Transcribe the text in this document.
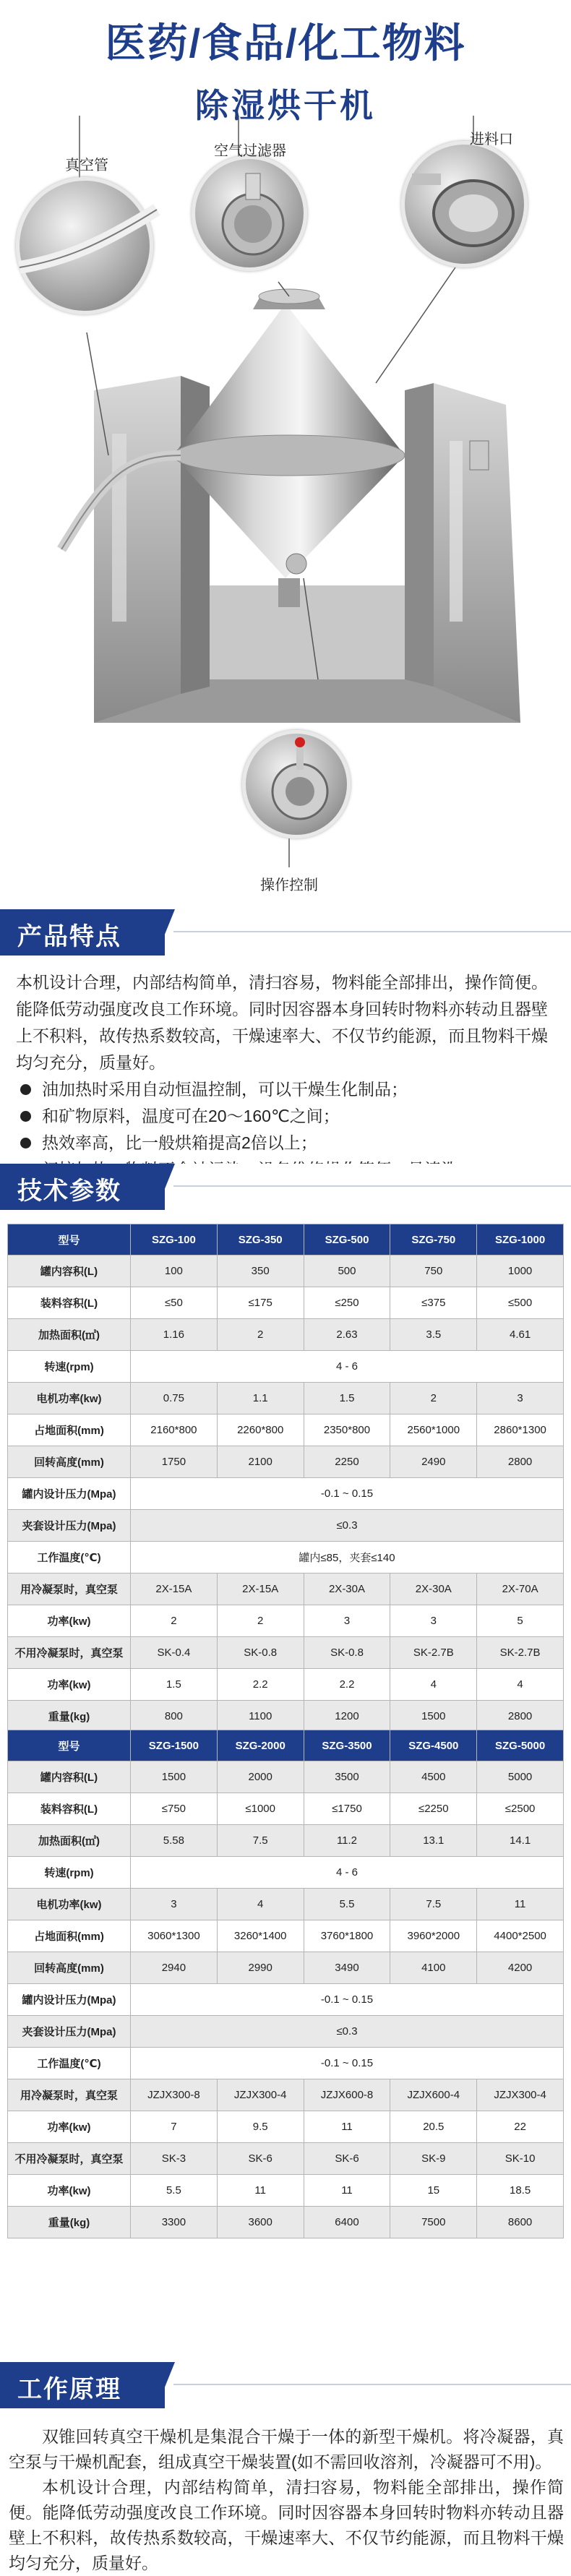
医药/食品/化工物料
除湿烘干机
真空管
空气过滤器
进料口
操作控制
产品特点

本机设计合理，内部结构简单，清扫容易，物料能全部排出，操作简便。能降低劳动强度改良工作环境。同时因容器本身回转时物料亦转动且器壁上不积料，故传热系数较高，干燥速率大、不仅节约能源，而且物料干燥均匀充分，质量好。

油加热时采用自动恒温控制，可以干燥生化制品；
和矿物原料，温度可在20～160℃之间；
热效率高，比一般烘箱提高2倍以上；
技术参数
型号	SZG-100	SZG-350	SZG-500	SZG-750	SZG-1000
罐内容积(L)	100	350	500	750	1000
装料容积(L)	≤50	≤175	≤250	≤375	≤500
加热面积(㎡)	1.16	2	2.63	3.5	4.61
转速(rpm)	4 - 6				
电机功率(kw)	0.75	1.1	1.5	2	3
占地面积(mm)	2160*800	2260*800	2350*800	2560*1000	2860*1300
回转高度(mm)	1750	2100	2250	2490	2800
罐内设计压力(Mpa)	-0.1 ~ 0.15				
夹套设计压力(Mpa)	≤0.3				
工作温度(℃)	罐内≤85，夹套≤140				
用冷凝泵时，真空泵	2X-15A	2X-15A	2X-30A	2X-30A	2X-70A
功率(kw)	2	2	3	3	5
不用冷凝泵时，真空泵	SK-0.4	SK-0.8	SK-0.8	SK-2.7B	SK-2.7B
功率(kw)	1.5	2.2	2.2	4	4
重量(kg)	800	1100	1200	1500	2800
型号	SZG-1500	SZG-2000	SZG-3500	SZG-4500	SZG-5000
罐内容积(L)	1500	2000	3500	4500	5000
装料容积(L)	≤750	≤1000	≤1750	≤2250	≤2500
加热面积(㎡)	5.58	7.5	11.2	13.1	14.1
转速(rpm)	4 - 6				
电机功率(kw)	3	4	5.5	7.5	11
占地面积(mm)	3060*1300	3260*1400	3760*1800	3960*2000	4400*2500
回转高度(mm)	2940	2990	3490	4100	4200
罐内设计压力(Mpa)	-0.1 ~ 0.15				
夹套设计压力(Mpa)	≤0.3				
工作温度(℃)	-0.1 ~ 0.15				
用冷凝泵时，真空泵	JZJX300-8	JZJX300-4	JZJX600-8	JZJX600-4	JZJX300-4
功率(kw)	7	9.5	11	20.5	22
不用冷凝泵时，真空泵	SK-3	SK-6	SK-6	SK-9	SK-10
功率(kw)	5.5	11	11	15	18.5
重量(kg)	3300	3600	6400	7500	8600
工作原理

双锥回转真空干燥机是集混合干燥于一体的新型干燥机。将冷凝器，真空泵与干燥机配套，组成真空干燥装置(如不需回收溶剂，冷凝器可不用)。

本机设计合理，内部结构简单，清扫容易，物料能全部排出，操作简便。能降低劳动强度改良工作环境。同时因容器本身回转时物料亦转动且器壁上不积料，故传热系数较高，干燥速率大、不仅节约能源，而且物料干燥均匀充分，质量好。
